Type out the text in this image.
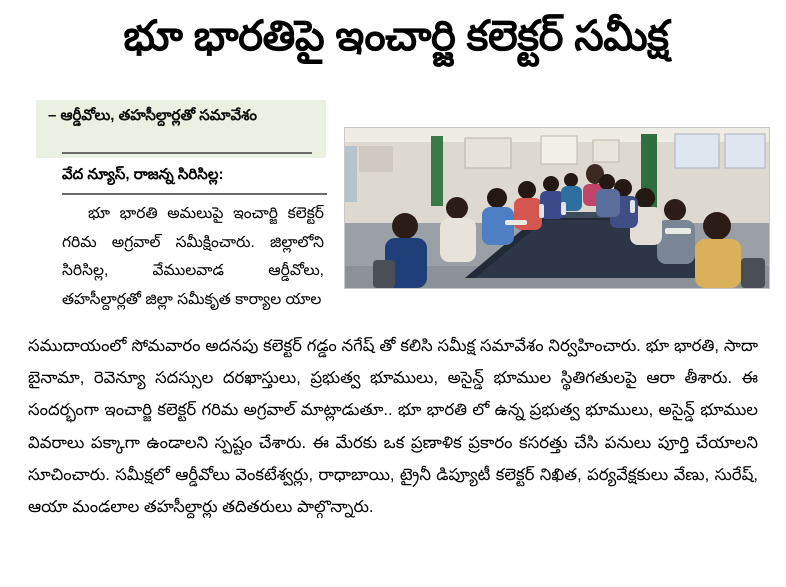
భూ భారతిపై ఇంచార్జి కలెక్టర్ సమీక్ష
– ఆర్డీవోలు, తహసీల్దార్లతో సమావేశం
వేద న్యూస్, రాజన్న సిరిసిల్ల:

భూ భారతి అమలుపై ఇంచార్జి కలెక్టర్ గరిమ అగ్రవాల్ సమీక్షించారు. జిల్లాలోని సిరిసిల్ల, వేములవాడ ఆర్డీవోలు, తహసీల్దార్లతో జిల్లా సమీకృత కార్యాల యాల

సముదాయంలో సోమవారం అదనపు కలెక్టర్ గడ్డం నగేష్ తో కలిసి సమీక్ష సమావేశం నిర్వహించారు. భూ భారతి, సాదా బైనామా, రెవెన్యూ సదస్సుల దరఖాస్తులు, ప్రభుత్వ భూములు, అసైన్డ్ భూముల స్థితిగతులపై ఆరా తీశారు. ఈ సందర్భంగా ఇంచార్జి కలెక్టర్ గరిమ అగ్రవాల్ మాట్లాడుతూ.. భూ భారతి లో ఉన్న ప్రభుత్వ భూములు, అసైన్డ్ భూముల వివరాలు పక్కాగా ఉండాలని స్పష్టం చేశారు. ఈ మేరకు ఒక ప్రణాళిక ప్రకారం కసరత్తు చేసి పనులు పూర్తి చేయాలని సూచించారు. సమీక్షలో ఆర్డీవోలు వెంకటేశ్వర్లు, రాధాబాయి, ట్రైనీ డిప్యూటీ కలెక్టర్ నిఖిత, పర్యవేక్షకులు వేణు, సురేష్, ఆయా మండలాల తహసీల్దార్లు తదితరులు పాల్గొన్నారు.
